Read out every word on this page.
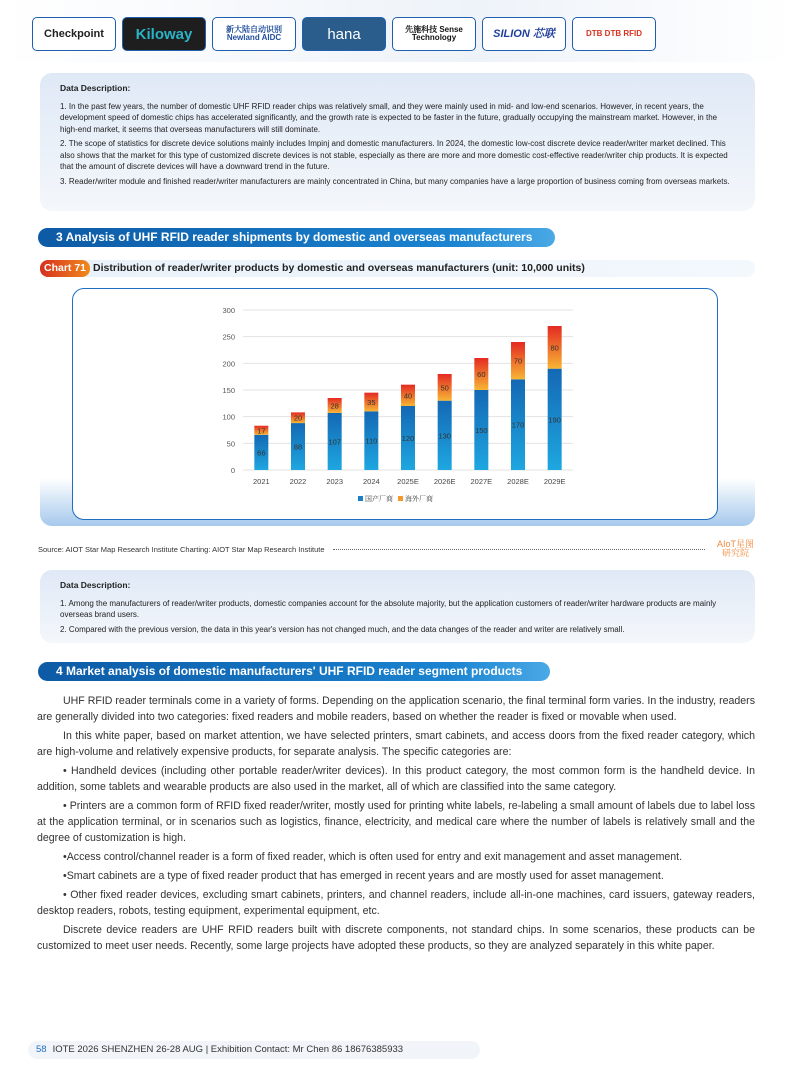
Checkpoint	Kiloway	新大陆自动识别 Newland AIDC	hana	先施科技 Sense Technology	SILION 芯联	DTB DTB RFID
Data Description:

1. In the past few years, the number of domestic UHF RFID reader chips was relatively small, and they were mainly used in mid- and low-end scenarios. However, in recent years, the development speed of domestic chips has accelerated significantly, and the growth rate is expected to be faster in the future, gradually occupying the mainstream market. However, in the high-end market, it seems that overseas manufacturers will still dominate.

2. The scope of statistics for discrete device solutions mainly includes Impinj and domestic manufacturers. In 2024, the domestic low-cost discrete device reader/writer market declined. This also shows that the market for this type of customized discrete devices is not stable, especially as there are more and more domestic cost-effective reader/writer chip products. It is expected that the amount of discrete devices will have a downward trend in the future.

3. Reader/writer module and finished reader/writer manufacturers are mainly concentrated in China, but many companies have a large proportion of business coming from overseas markets.

3 Analysis of UHF RFID reader shipments by domestic and overseas manufacturers
Chart 71 Distribution of reader/writer products by domestic and overseas manufacturers (unit: 10,000 units)
0
50
100
150
200
250
300
66
17
2021
88
20
2022
107
28
2023
110
35
2024
120
40
2025E
130
50
2026E
150
60
2027E
170
70
2028E
190
80
2029E
国产厂商 海外厂商
Source: AIOT Star Map Research Institute Charting: AIOT Star Map Research Institute	AIoT星图 研究院
Data Description:

1. Among the manufacturers of reader/writer products, domestic companies account for the absolute majority, but the application customers of reader/writer hardware products are mainly overseas brand users.

2. Compared with the previous version, the data in this year's version has not changed much, and the data changes of the reader and writer are relatively small.

4 Market analysis of domestic manufacturers' UHF RFID reader segment products

UHF RFID reader terminals come in a variety of forms. Depending on the application scenario, the final terminal form varies. In the industry, readers are generally divided into two categories: fixed readers and mobile readers, based on whether the reader is fixed or movable when used.

In this white paper, based on market attention, we have selected printers, smart cabinets, and access doors from the fixed reader category, which are high-volume and relatively expensive products, for separate analysis. The specific categories are:

• Handheld devices (including other portable reader/writer devices). In this product category, the most common form is the handheld device. In addition, some tablets and wearable products are also used in the market, all of which are classified into the same category.

• Printers are a common form of RFID fixed reader/writer, mostly used for printing white labels, re-labeling a small amount of labels due to label loss at the application terminal, or in scenarios such as logistics, finance, electricity, and medical care where the number of labels is relatively small and the degree of customization is high.

•Access control/channel reader is a form of fixed reader, which is often used for entry and exit management and asset management.

•Smart cabinets are a type of fixed reader product that has emerged in recent years and are mostly used for asset management.

• Other fixed reader devices, excluding smart cabinets, printers, and channel readers, include all-in-one machines, card issuers, gateway readers, desktop readers, robots, testing equipment, experimental equipment, etc.

Discrete device readers are UHF RFID readers built with discrete components, not standard chips. In some scenarios, these products can be customized to meet user needs. Recently, some large projects have adopted these products, so they are analyzed separately in this white paper.

58 IOTE 2026 SHENZHEN 26-28 AUG | Exhibition Contact: Mr Chen 86 18676385933
